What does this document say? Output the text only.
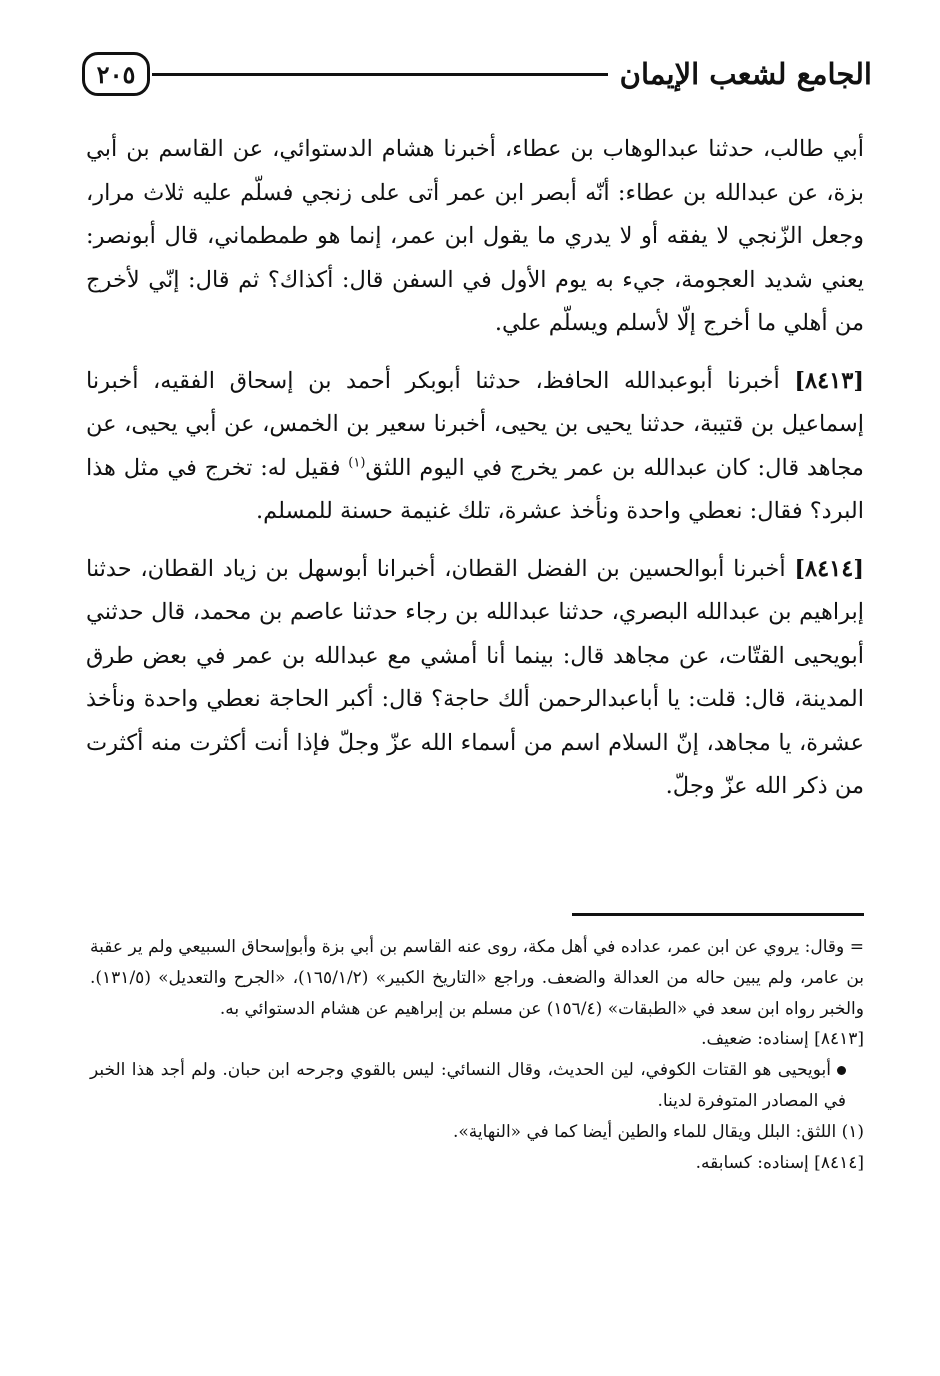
الجامع لشعب الإيمان
٢٠٥

أبي طالب، حدثنا عبدالوهاب بن عطاء، أخبرنا هشام الدستوائي، عن القاسم بن أبي بزة، عن عبدالله بن عطاء: أنّه أبصر ابن عمر أتى على زنجي فسلّم عليه ثلاث مرار، وجعل الزّنجي لا يفقه أو لا يدري ما يقول ابن عمر، إنما هو طمطماني، قال أبونصر: يعني شديد العجومة، جيء به يوم الأول في السفن قال: أكذاك؟ ثم قال: إنّي لأخرج من أهلي ما أخرج إلّا لأسلم ويسلّم علي.

[٨٤١٣] أخبرنا أبوعبدالله الحافظ، حدثنا أبوبكر أحمد بن إسحاق الفقيه، أخبرنا إسماعيل بن قتيبة، حدثنا يحيى بن يحيى، أخبرنا سعير بن الخمس، عن أبي يحيى، عن مجاهد قال: كان عبدالله بن عمر يخرج في اليوم اللثق$^{(١)}$ فقيل له: تخرج في مثل هذا البرد؟ فقال: نعطي واحدة ونأخذ عشرة، تلك غنيمة حسنة للمسلم.

[٨٤١٤] أخبرنا أبوالحسين بن الفضل القطان، أخبرانا أبوسهل بن زياد القطان، حدثنا إبراهيم بن عبدالله البصري، حدثنا عبدالله بن رجاء حدثنا عاصم بن محمد، قال حدثني أبويحيى القتّات، عن مجاهد قال: بينما أنا أمشي مع عبدالله بن عمر في بعض طرق المدينة، قال: قلت: يا أباعبدالرحمن ألك حاجة؟ قال: أكبر الحاجة نعطي واحدة ونأخذ عشرة، يا مجاهد، إنّ السلام اسم من أسماء الله عزّ وجلّ فإذا أنت أكثرت منه أكثرت من ذكر الله عزّ وجلّ.

= وقال: يروي عن ابن عمر، عداده في أهل مكة، روى عنه القاسم بن أبي بزة وأبوإسحاق السبيعي ولم ير عقبة بن عامر، ولم يبين حاله من العدالة والضعف. وراجع «التاريخ الكبير» (١٦٥/١/٢)، «الجرح والتعديل» (١٣١/٥). والخبر رواه ابن سعد في «الطبقات» (١٥٦/٤) عن مسلم بن إبراهيم عن هشام الدستوائي به.

[٨٤١٣] إسناده: ضعيف.

أبويحيى هو القتات الكوفي، لين الحديث، وقال النسائي: ليس بالقوي وجرحه ابن حبان. ولم أجد هذا الخبر في المصادر المتوفرة لدينا.

(١) اللثق: البلل ويقال للماء والطين أيضا كما في «النهاية».

[٨٤١٤] إسناده: كسابقه.
